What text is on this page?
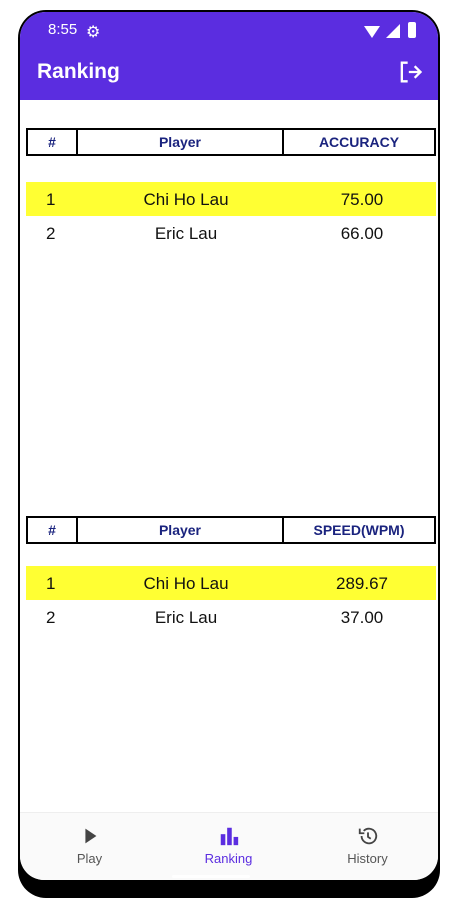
8:55 ⚙
Ranking
#	Player	ACCURACY
1	Chi Ho Lau	75.00
2	Eric Lau	66.00
#	Player	SPEED(WPM)
1	Chi Ho Lau	289.67
2	Eric Lau	37.00
Play	Ranking	History
